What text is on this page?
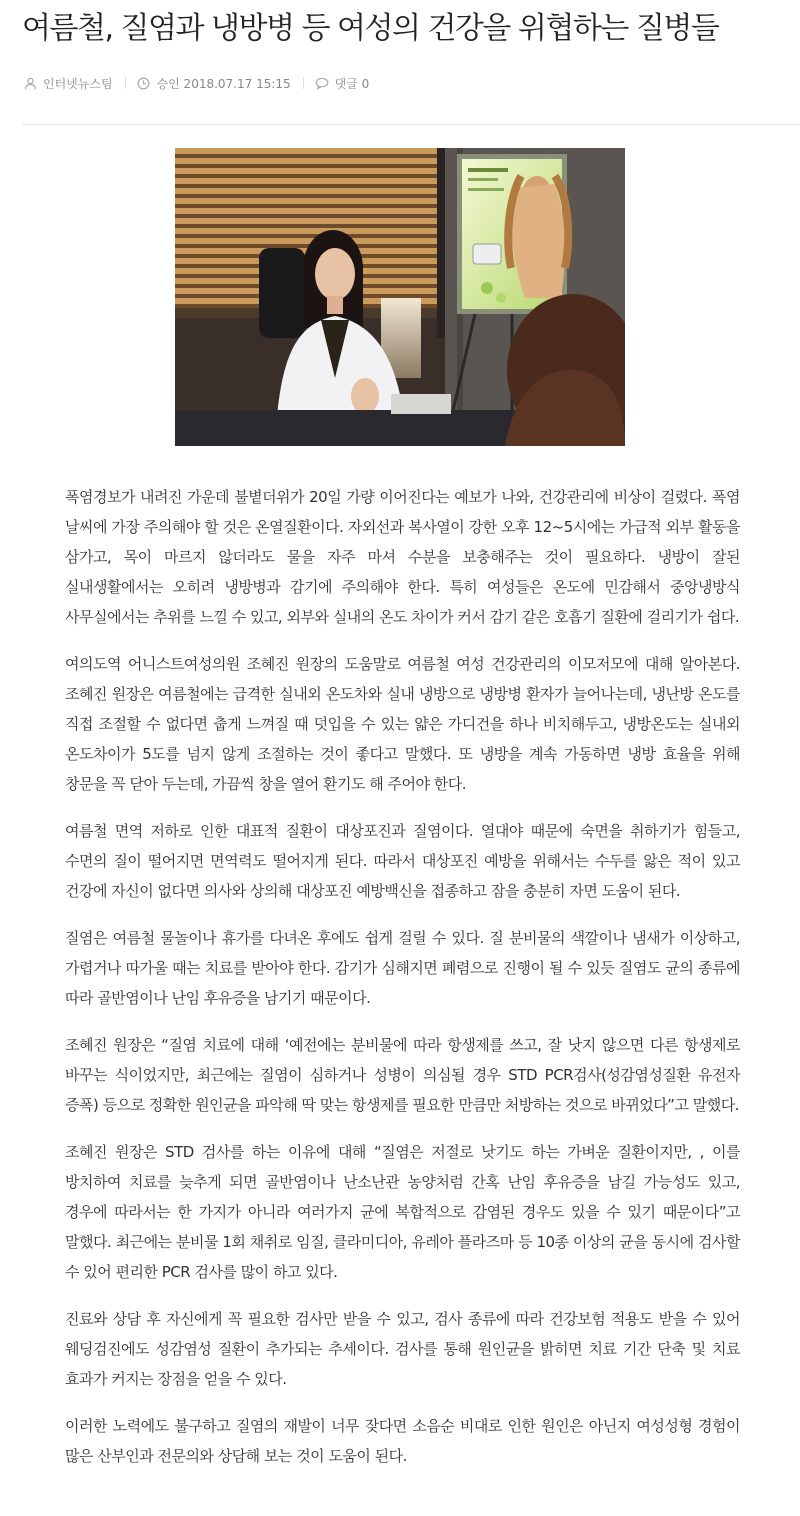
여름철, 질염과 냉방병 등 여성의 건강을 위협하는 질병들
인터넷뉴스팀	승인 2018.07.17 15:15	댓글 0

폭염경보가 내려진 가운데 불볕더위가 20일 가량 이어진다는 예보가 나와, 건강관리에 비상이 걸렸다. 폭염 날씨에 가장 주의해야 할 것은 온열질환이다. 자외선과 복사열이 강한 오후 12~5시에는 가급적 외부 활동을 삼가고, 목이 마르지 않더라도 물을 자주 마셔 수분을 보충해주는 것이 필요하다. 냉방이 잘된 실내생활에서는 오히려 냉방병과 감기에 주의해야 한다. 특히 여성들은 온도에 민감해서 중앙냉방식 사무실에서는 추위를 느낄 수 있고, 외부와 실내의 온도 차이가 커서 감기 같은 호흡기 질환에 걸리기가 쉽다.

여의도역 어니스트여성의원 조혜진 원장의 도움말로 여름철 여성 건강관리의 이모저모에 대해 알아본다. 조혜진 원장은 여름철에는 급격한 실내외 온도차와 실내 냉방으로 냉방병 환자가 늘어나는데, 냉난방 온도를 직접 조절할 수 없다면 춥게 느껴질 때 덧입을 수 있는 얇은 가디건을 하나 비치해두고, 냉방온도는 실내외 온도차이가 5도를 넘지 않게 조절하는 것이 좋다고 말했다. 또 냉방을 계속 가동하면 냉방 효율을 위해 창문을 꼭 닫아 두는데, 가끔씩 창을 열어 환기도 해 주어야 한다.

여름철 면역 저하로 인한 대표적 질환이 대상포진과 질염이다. 열대야 때문에 숙면을 취하기가 힘들고, 수면의 질이 떨어지면 면역력도 떨어지게 된다. 따라서 대상포진 예방을 위해서는 수두를 앓은 적이 있고 건강에 자신이 없다면 의사와 상의해 대상포진 예방백신을 접종하고 잠을 충분히 자면 도움이 된다.

질염은 여름철 물놀이나 휴가를 다녀온 후에도 쉽게 걸릴 수 있다. 질 분비물의 색깔이나 냄새가 이상하고, 가렵거나 따가울 때는 치료를 받아야 한다. 감기가 심해지면 폐렴으로 진행이 될 수 있듯 질염도 균의 종류에 따라 골반염이나 난임 후유증을 남기기 때문이다.

조혜진 원장은 “질염 치료에 대해 ‘예전에는 분비물에 따라 항생제를 쓰고, 잘 낫지 않으면 다른 항생제로 바꾸는 식이었지만, 최근에는 질염이 심하거나 성병이 의심될 경우 STD PCR검사(성감염성질환 유전자 증폭) 등으로 정확한 원인균을 파악해 딱 맞는 항생제를 필요한 만큼만 처방하는 것으로 바뀌었다”고 말했다.

조혜진 원장은 STD 검사를 하는 이유에 대해 “질염은 저절로 낫기도 하는 가벼운 질환이지만, , 이를 방치하여 치료를 늦추게 되면 골반염이나 난소난관 농양처럼 간혹 난임 후유증을 남길 가능성도 있고, 경우에 따라서는 한 가지가 아니라 여러가지 균에 복합적으로 감염된 경우도 있을 수 있기 때문이다”고 말했다. 최근에는 분비물 1회 채취로 임질, 클라미디아, 유레아 플라즈마 등 10종 이상의 균을 동시에 검사할 수 있어 편리한 PCR 검사를 많이 하고 있다.

진료와 상담 후 자신에게 꼭 필요한 검사만 받을 수 있고, 검사 종류에 따라 건강보험 적용도 받을 수 있어 웨딩검진에도 성감염성 질환이 추가되는 추세이다. 검사를 통해 원인균을 밝히면 치료 기간 단축 및 치료 효과가 커지는 장점을 얻을 수 있다.

이러한 노력에도 불구하고 질염의 재발이 너무 잦다면 소음순 비대로 인한 원인은 아닌지 여성성형 경험이 많은 산부인과 전문의와 상담해 보는 것이 도움이 된다.
